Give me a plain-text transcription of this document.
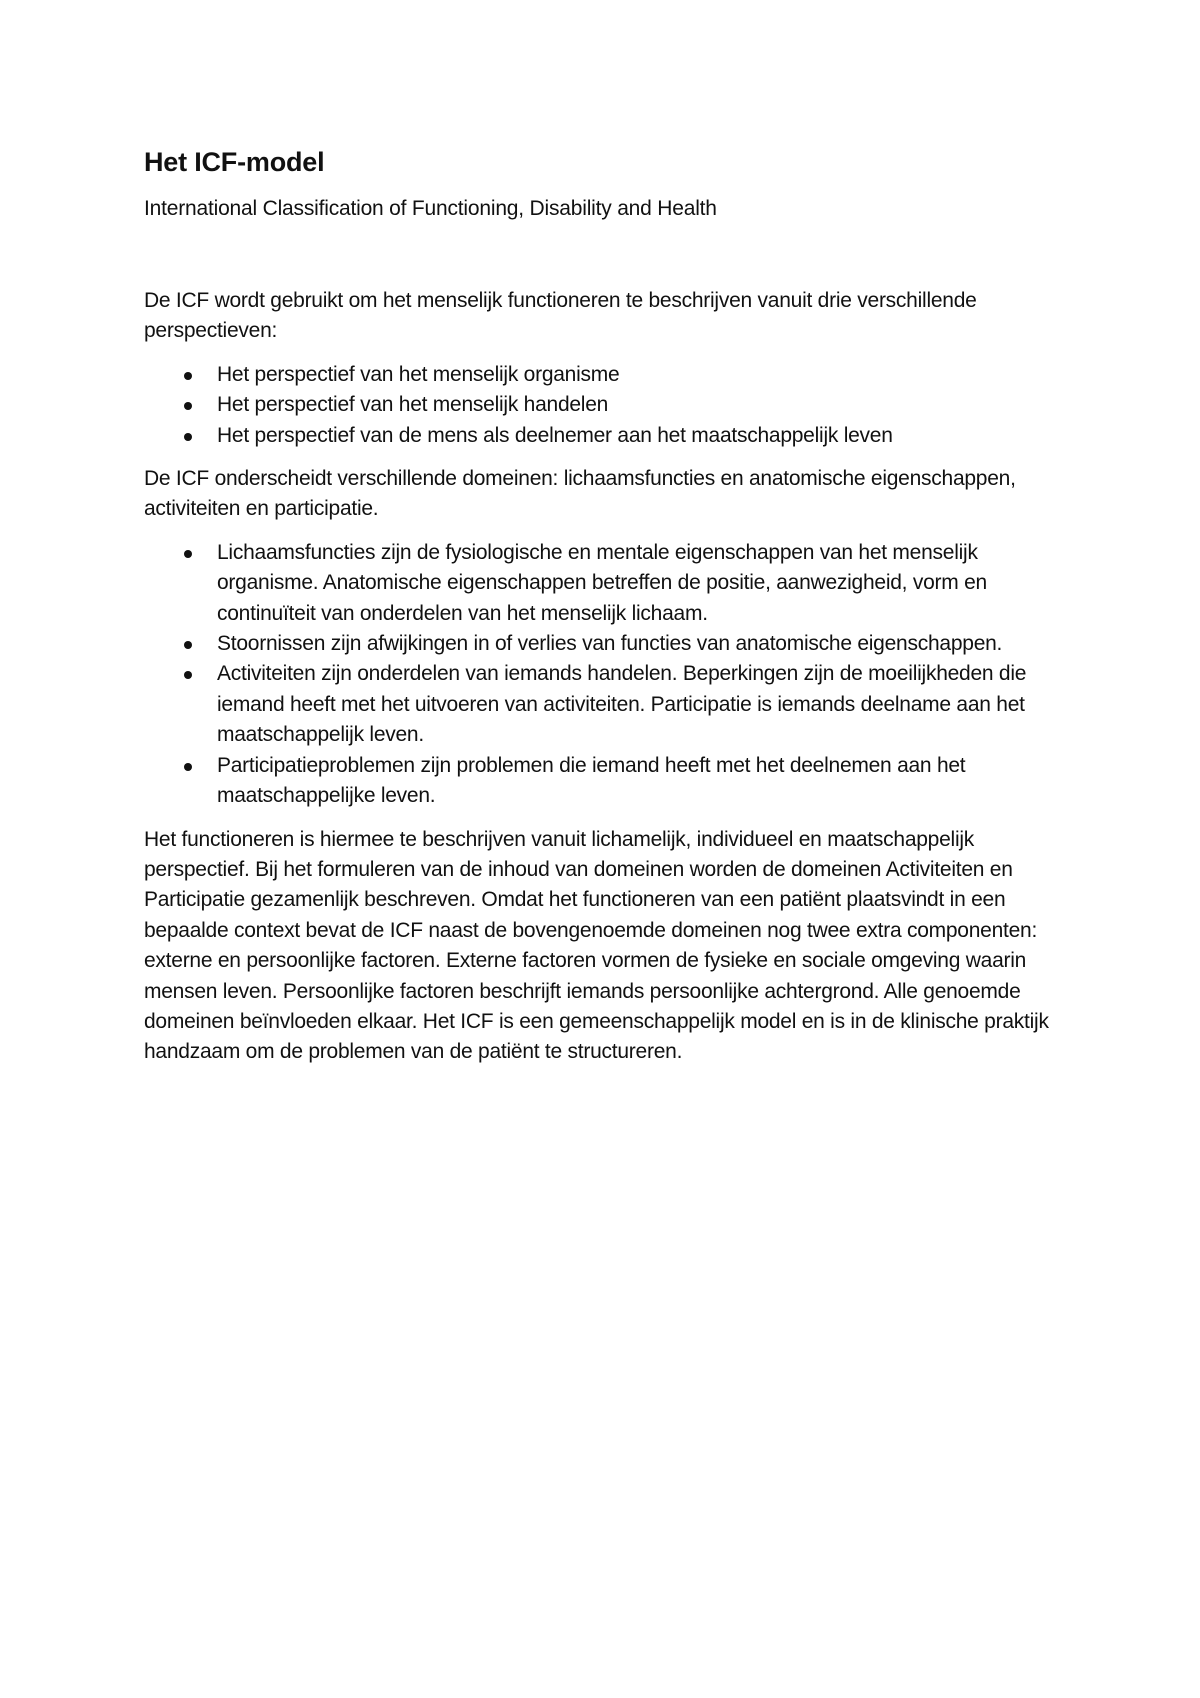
Het ICF-model
International Classification of Functioning, Disability and Health

De ICF wordt gebruikt om het menselijk functioneren te beschrijven vanuit drie verschillende perspectieven:

Het perspectief van het menselijk organisme
Het perspectief van het menselijk handelen
Het perspectief van de mens als deelnemer aan het maatschappelijk leven

De ICF onderscheidt verschillende domeinen: lichaamsfuncties en anatomische eigenschappen, activiteiten en participatie.

Lichaamsfuncties zijn de fysiologische en mentale eigenschappen van het menselijk organisme. Anatomische eigenschappen betreffen de positie, aanwezigheid, vorm en continuïteit van onderdelen van het menselijk lichaam.
Stoornissen zijn afwijkingen in of verlies van functies van anatomische eigenschappen.
Activiteiten zijn onderdelen van iemands handelen. Beperkingen zijn de moeilijkheden die iemand heeft met het uitvoeren van activiteiten. Participatie is iemands deelname aan het maatschappelijk leven.
Participatieproblemen zijn problemen die iemand heeft met het deelnemen aan het maatschappelijke leven.

Het functioneren is hiermee te beschrijven vanuit lichamelijk, individueel en maatschappelijk perspectief. Bij het formuleren van de inhoud van domeinen worden de domeinen Activiteiten en Participatie gezamenlijk beschreven. Omdat het functioneren van een patiënt plaatsvindt in een bepaalde context bevat de ICF naast de bovengenoemde domeinen nog twee extra componenten: externe en persoonlijke factoren. Externe factoren vormen de fysieke en sociale omgeving waarin mensen leven. Persoonlijke factoren beschrijft iemands persoonlijke achtergrond. Alle genoemde domeinen beïnvloeden elkaar. Het ICF is een gemeenschappelijk model en is in de klinische praktijk handzaam om de problemen van de patiënt te structureren.
